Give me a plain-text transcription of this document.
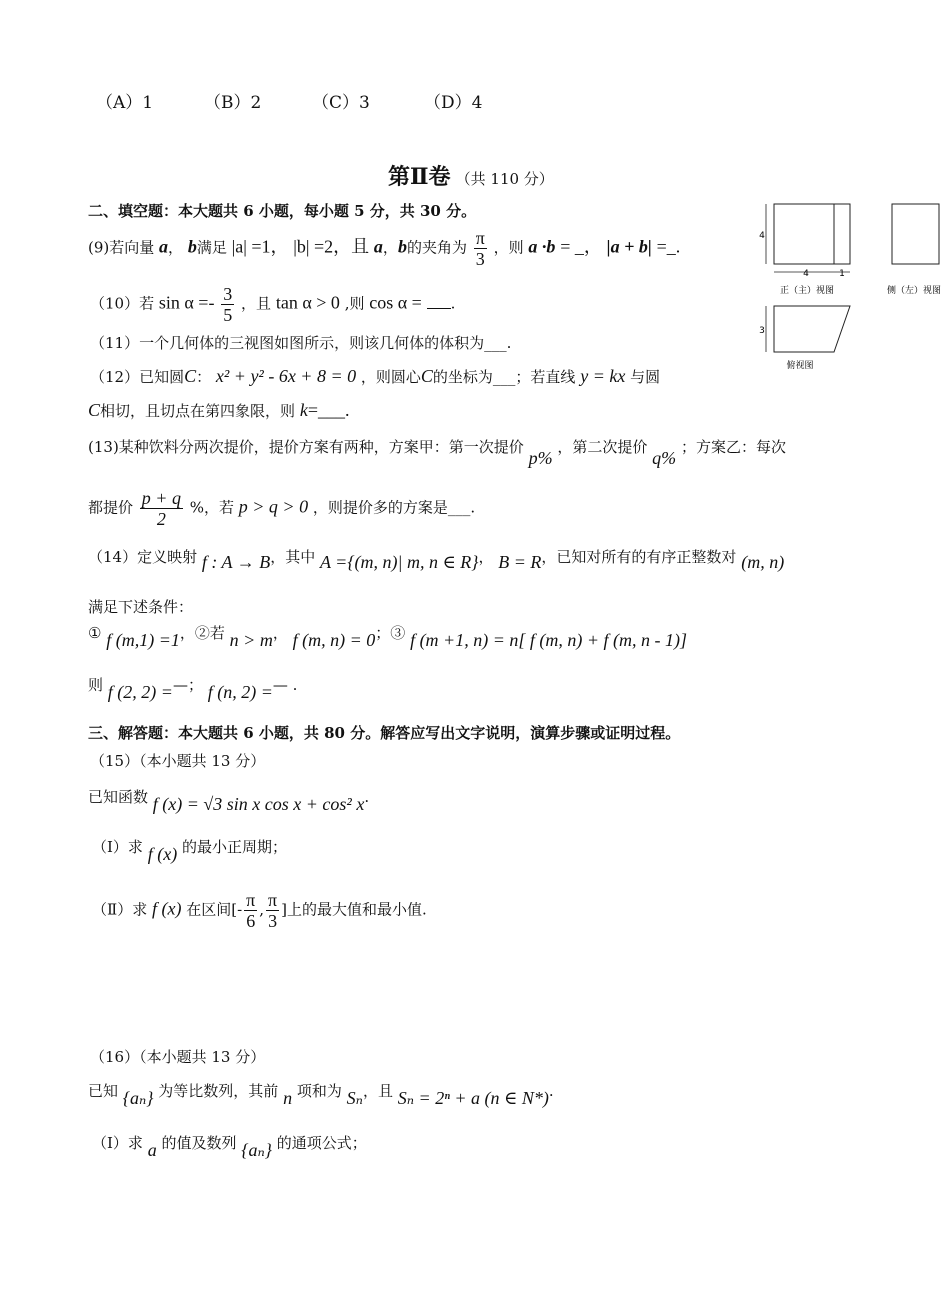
（A）1	（B）2	（C）3	（D）4
第Ⅱ卷 （共 110 分）
二、填空题：本大题共 6 小题，每小题 5 分，共 30 分。
(9)若向量 a， b满足 |a| =1， |b| =2，且 a，b的夹角为 $\frac{\pi}{3}$ ，则 a ·b = _， |a + b| =_.
（10）若 $\sin \alpha =- \frac{3}{5}$ ，且 tan α > 0 ,则 cos α = .
（11）一个几何体的三视图如图所示，则该几何体的体积为___.
（12）已知圆C： x² + y² - 6x + 8 = 0 ，则圆心C的坐标为___；若直线 y = kx 与圆
C相切，且切点在第四象限，则 k=___.
(13)某种饮料分两次提价，提价方案有两种，方案甲：第一次提价 p% ，第二次提价 q% ；方案乙：每次
都提价 $\frac{p + q}{2}$ %，若 p > q > 0 ，则提价多的方案是___.
（14）定义映射 f : A → B，其中 A ={(m, n)| m, n ∈ R}， B = R，已知对所有的有序正整数对 (m, n)
满足下述条件：
① f (m,1) =1，②若 n > m， f (m, n) = 0；③ f (m +1, n) = n[ f (m, n) + f (m, n - 1)]
则 f (2, 2) =—； f (n, 2) =— .
三、解答题：本大题共 6 小题，共 80 分。解答应写出文字说明，演算步骤或证明过程。
（15）（本小题共 13 分）
已知函数 f (x) = √3 sin x cos x + cos² x.
（Ⅰ）求 f (x) 的最小正周期；
（Ⅱ）求 f (x) 在区间[- $\frac{\pi}{6}$ , $\frac{\pi}{3}$ ]上的最大值和最小值.
（16）（本小题共 13 分）
已知 {aₙ} 为等比数列，其前 n 项和为 Sₙ，且 Sₙ = 2ⁿ + a (n ∈ N*).
（Ⅰ）求 a 的值及数列 {aₙ} 的通项公式；
4
4	1
正（主）视图	侧（左）视图
3
俯视图
